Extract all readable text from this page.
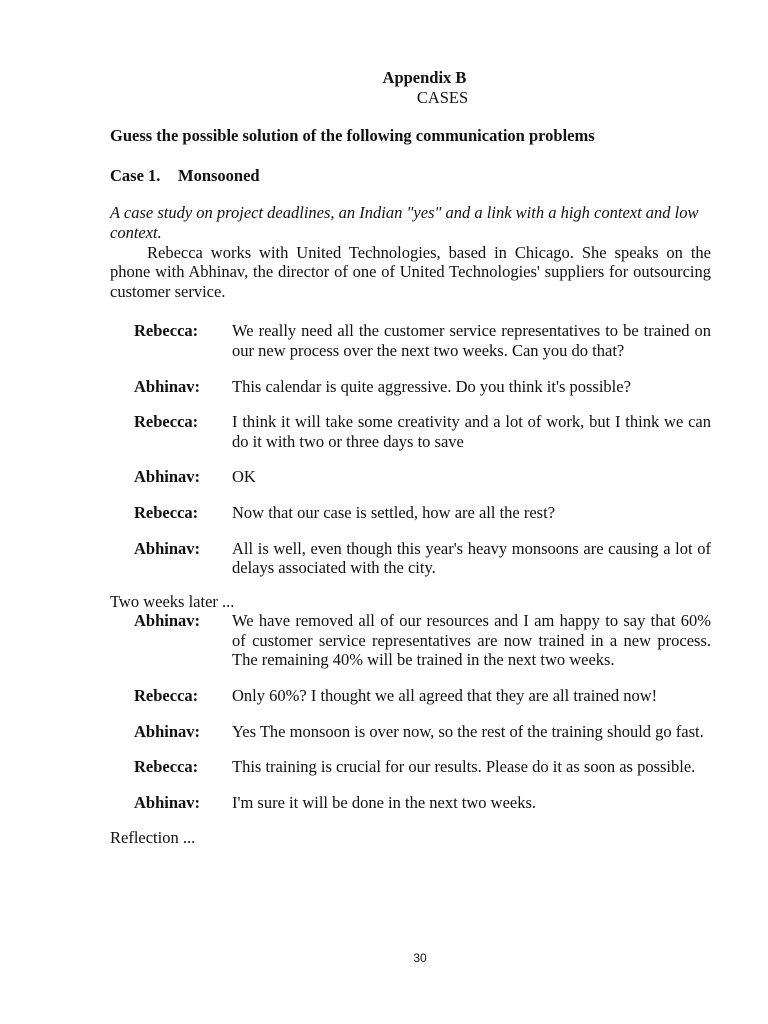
Appendix B
CASES
Guess the possible solution of the following communication problems
Case 1. Monsooned

A case study on project deadlines, an Indian "yes" and a link with a high context and low context.

Rebecca works with United Technologies, based in Chicago. She speaks on the phone with Abhinav, the director of one of United Technologies' suppliers for outsourcing customer service.

Rebecca:	We really need all the customer service representatives to be trained on our new process over the next two weeks. Can you do that?
Abhinav:	This calendar is quite aggressive. Do you think it's possible?
Rebecca:	I think it will take some creativity and a lot of work, but I think we can do it with two or three days to save
Abhinav:	OK
Rebecca:	Now that our case is settled, how are all the rest?
Abhinav:	All is well, even though this year's heavy monsoons are causing a lot of delays associated with the city.
Two weeks later ...
Abhinav:	We have removed all of our resources and I am happy to say that 60% of customer service representatives are now trained in a new process. The remaining 40% will be trained in the next two weeks.
Rebecca:	Only 60%? I thought we all agreed that they are all trained now!
Abhinav:	Yes The monsoon is over now, so the rest of the training should go fast.
Rebecca:	This training is crucial for our results. Please do it as soon as possible.
Abhinav:	I'm sure it will be done in the next two weeks.
Reflection ...
30
